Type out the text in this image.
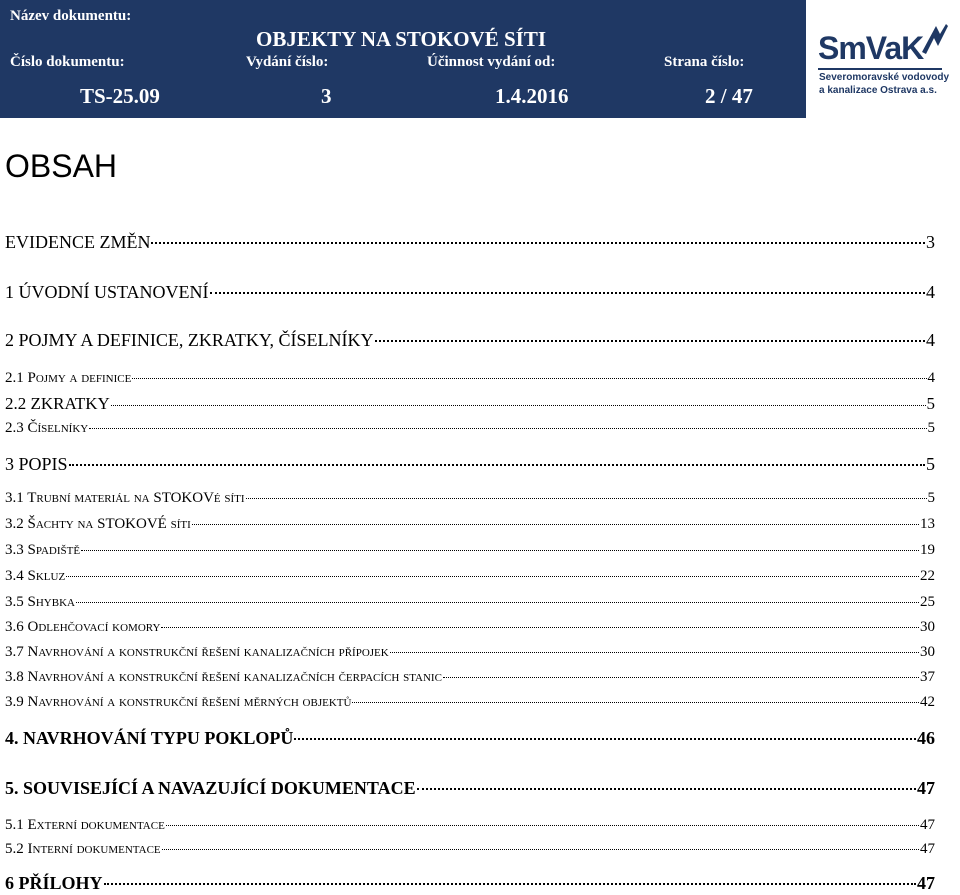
Název dokumentu:
OBJEKTY NA STOKOVÉ SÍTI
Číslo dokumentu:	Vydání číslo:	Účinnost vydání od:	Strana číslo:
TS-25.09	3	1.4.2016	2 / 47
SmVaK
Severomoravské vodovody
a kanalizace Ostrava a.s.
OBSAH
EVIDENCE ZMĚN	3
1 ÚVODNÍ USTANOVENÍ	4
2 POJMY A DEFINICE, ZKRATKY, ČÍSELNÍKY	4
2.1 Pojmy a definice	4
2.2 ZKRATKY	5
2.3 Číselníky	5
3 POPIS	5
3.1 Trubní materiál na STOKOVé síti	5
3.2 Šachty na STOKOVÉ síti	13
3.3 Spadiště	19
3.4 Skluz	22
3.5 Shybka	25
3.6 Odlehčovací komory	30
3.7 Navrhování a konstrukční řešení kanalizačních přípojek	30
3.8 Navrhování a konstrukční řešení kanalizačních čerpacích stanic	37
3.9 Navrhování a konstrukční řešení měrných objektů	42
4. NAVRHOVÁNÍ TYPU POKLOPŮ	46
5. SOUVISEJÍCÍ A NAVAZUJÍCÍ DOKUMENTACE	47
5.1 Externí dokumentace	47
5.2 Interní dokumentace	47
6 PŘÍLOHY	47
